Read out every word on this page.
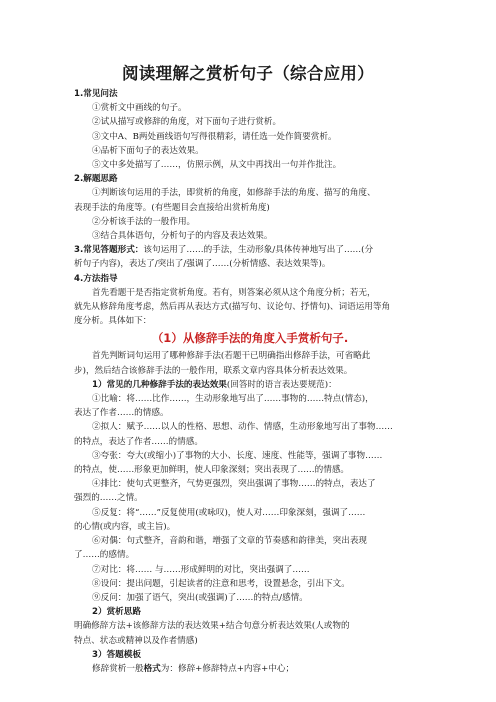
阅读理解之赏析句子（综合应用）
1.常见问法
①赏析文中画线的句子。
②试从描写或修辞的角度，对下面句子进行赏析。
③文中A、B两处画线语句写得很精彩，请任选一处作简要赏析。
④品析下面句子的表达效果。
⑤文中多处描写了……，仿照示例，从文中再找出一句并作批注。
2.解题思路
①判断该句运用的手法，即赏析的角度，如修辞手法的角度、描写的角度、
表现手法的角度等。(有些题目会直接给出赏析角度)
②分析该手法的一般作用。
③结合具体语句，分析句子的内容及表达效果。
3.常见答题形式：该句运用了……的手法，生动形象/具体传神地写出了……(分
析句子内容)，表达了/突出了/强调了……(分析情感、表达效果等)。
4.方法指导
首先看题干是否指定赏析角度。若有，则答案必须从这个角度分析；若无，
就先从修辞角度考虑，然后再从表达方式(描写句、议论句、抒情句)、词语运用等角
度分析。具体如下：
（1）从修辞手法的角度入手赏析句子.
首先判断词句运用了哪种修辞手法(若题干已明确指出修辞手法，可省略此
步)，然后结合该修辞手法的一般作用，联系文章内容具体分析表达效果。
1）常见的几种修辞手法的表达效果(回答时的语言表达要规范)：
①比喻：将……比作……，生动形象地写出了……事物的……特点(情态)，
表达了作者……的情感。
②拟人：赋予……以人的性格、思想、动作、情感，生动形象地写出了事物……
的特点，表达了作者……的情感。
③夸张：夸大(或缩小)了事物的大小、长度、速度、性能等，强调了事物……
的特点，使……形象更加鲜明，使人印象深刻；突出表现了……的情感。
④排比：使句式更整齐，气势更强烈，突出强调了事物……的特点，表达了
强烈的……之情。
⑤反复：将“……”反复使用(或咏叹)，使人对……印象深刻，强调了……
的心情(或内容，或主旨)。
⑥对偶：句式整齐，音韵和谐，增强了文章的节奏感和韵律美，突出表现
了……的感情。
⑦对比：将…… 与……形成鲜明的对比，突出强调了……
⑧设问：提出问题，引起读者的注意和思考，设置悬念，引出下文。
⑨反问：加强了语气，突出(或强调)了……的特点/感情。
2）赏析思路
明确修辞方法+该修辞方法的表达效果+结合句意分析表达效果(人或物的
特点、状态或精神以及作者情感)
3）答题模板
修辞赏析一般格式为：修辞+修辞特点+内容+中心；
